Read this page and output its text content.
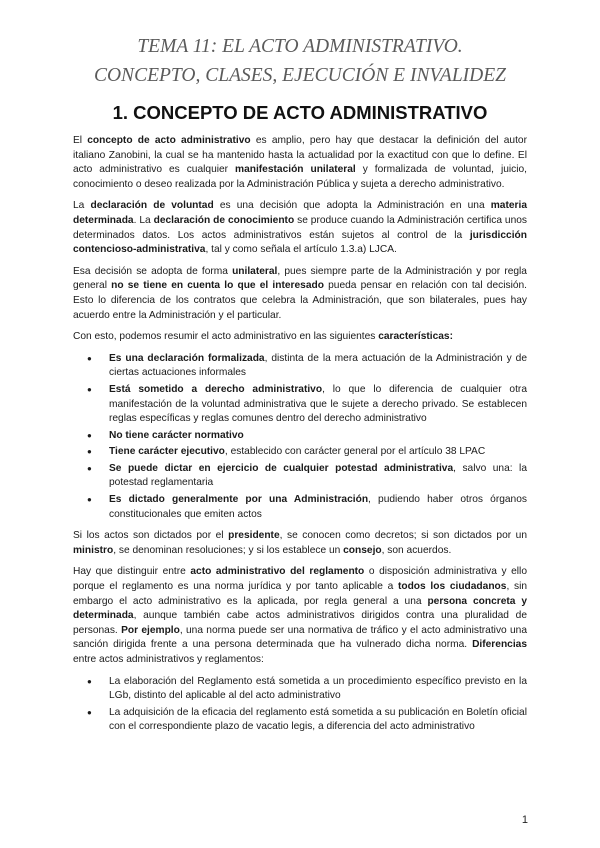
TEMA 11: EL ACTO ADMINISTRATIVO.
CONCEPTO, CLASES, EJECUCIÓN E INVALIDEZ
1. CONCEPTO DE ACTO ADMINISTRATIVO

El concepto de acto administrativo es amplio, pero hay que destacar la definición del autor italiano Zanobini, la cual se ha mantenido hasta la actualidad por la exactitud con que lo define. El acto administrativo es cualquier manifestación unilateral y formalizada de voluntad, juicio, conocimiento o deseo realizada por la Administración Pública y sujeta a derecho administrativo.

La declaración de voluntad es una decisión que adopta la Administración en una materia determinada. La declaración de conocimiento se produce cuando la Administración certifica unos determinados datos. Los actos administrativos están sujetos al control de la jurisdicción contencioso-administrativa, tal y como señala el artículo 1.3.a) LJCA.

Esa decisión se adopta de forma unilateral, pues siempre parte de la Administración y por regla general no se tiene en cuenta lo que el interesado pueda pensar en relación con tal decisión. Esto lo diferencia de los contratos que celebra la Administración, que son bilaterales, pues hay acuerdo entre la Administración y el particular.

Con esto, podemos resumir el acto administrativo en las siguientes características:

● Es una declaración formalizada, distinta de la mera actuación de la Administración y de ciertas actuaciones informales
● Está sometido a derecho administrativo, lo que lo diferencia de cualquier otra manifestación de la voluntad administrativa que le sujete a derecho privado. Se establecen reglas específicas y reglas comunes dentro del derecho administrativo
● No tiene carácter normativo
● Tiene carácter ejecutivo, establecido con carácter general por el artículo 38 LPAC
● Se puede dictar en ejercicio de cualquier potestad administrativa, salvo una: la potestad reglamentaria
● Es dictado generalmente por una Administración, pudiendo haber otros órganos constitucionales que emiten actos

Si los actos son dictados por el presidente, se conocen como decretos; si son dictados por un ministro, se denominan resoluciones; y si los establece un consejo, son acuerdos.

Hay que distinguir entre acto administrativo del reglamento o disposición administrativa y ello porque el reglamento es una norma jurídica y por tanto aplicable a todos los ciudadanos, sin embargo el acto administrativo es la aplicada, por regla general a una persona concreta y determinada, aunque también cabe actos administrativos dirigidos contra una pluralidad de personas. Por ejemplo, una norma puede ser una normativa de tráfico y el acto administrativo una sanción dirigida frente a una persona determinada que ha vulnerado dicha norma. Diferencias entre actos administrativos y reglamentos:

● La elaboración del Reglamento está sometida a un procedimiento específico previsto en la LGb, distinto del aplicable al del acto administrativo
● La adquisición de la eficacia del reglamento está sometida a su publicación en Boletín oficial con el correspondiente plazo de vacatio legis, a diferencia del acto administrativo
1
